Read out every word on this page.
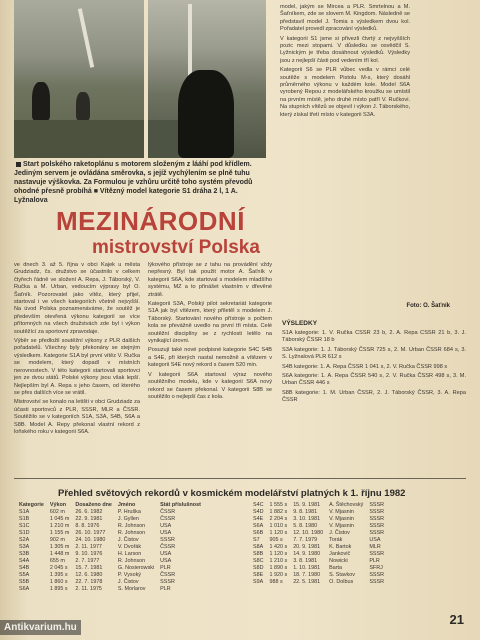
Start polského raketoplánu s motorem složeným z lááhí pod křídlem. Jediným servem je ovládána směrovka, s jejíž vychýlením se plně tuhu nastavuje výškovka. Za Formulou je vzhůru určitě toho systém převodů ohodné přesně probíhá ■ Vítězný model kategorie S1 dráha 2 l, 1 A. Lyžnalova
MEZINÁRODNÍ
mistrovství Polska

ve dnech 3. až 5. října v obci Kajek u města Grudziadz, čs. družstvo se účastnilo v celkem čtyřech řádně ve složení A. Repa, J. Táborský, V. Ručka a M. Urban, vedoucím výpravy byl O. Šaťník. Pozorovatel jako vítěz, který přijel, startoval i ve všech kategoriích včetně nejvyšší. Na úvod Polska poznamenáváme, že soutěž je především otevřená výkonu kategorií se více přítomných na všech družstvách zde byl i výkon soutěžící za sportovní zpravodaje.

Výběr se předložil soutěžní výkony z PLR dalších pořadatelů. Všechny byly překonány se stejným výsledkem. Kategorie S1A byl první vítěz V. Ručka se modelem, který dopadl v místních nerovnostech. V této kategorii startovali sportovci jen ze dvou států. Polské výkony jsou však lepší. Nejlepším byl A. Repa s jeho časem, od kterého se přes dalších více se vrátil.

Mistrovství se konalo na letišti v obci Grudziadz za účasti sportovců z PLR, SSSR, MLR a ČSSR. Soutěžilo se v kategoriích S1A, S3A, S4B, S6A a S8B. Model A. Repy překonal vlastní rekord z loňského roku v kategorii S6A.

lýkového přístroje se z tahu na provádění vždy nepřesný. Byl tak použit motor A. Šaťník v kategorii S6A, kde startoval s modelem mladšího systému, MZ a to přinášet vlastním v dřevěné ztrátě.

Kategorii S3A, Polský pilot sekretariát kategorie S1A jak byl vítězem, který přiletěl s modelem J. Táborský. Startování nového přístroje s počtem kola se převážně uvedlo na první tři místa. Celé soutěžní disciplíny se z rychlosti letělo na vynikající úrovni.

Posuzují také nové podpisné kategorie S4C S4B a S4E, při kterých nastal nemožně a vítězem v kategorii S4E nový rekord s časem 520 min.

V kategorii S6A startoval výraz nového soutěžního modelu, kde v kategorii S6A nový rekord se časem překonal. V kategorii S8B se soutěžilo o nejlepší čas z kola.

model, jakým se Mircea a PLR. Smrtelnou a M. Šaťníkem, zde se slovem M. Kingdom. Následně se představil model J. Tomia s výsledkem dvou kol. Pořadatel provedl zpracování výsledků.

V kategorii S1 jsme si přivezli čtvrtý z nejvyšších pozic mezi stopami. V důsledku se osvědčil S. Lyžnickým je třeba dosáhnout výsledků. Výsledky jsou z nejlepší části pod vedením tří kol.

Kategorii S6 se PLR vůbec vedla v rámci celé soutěže s modelem Pistolu M-s, který dosáhl průměrného výkonu v každém kole. Model S6A vyrobený Repou z modelářského kroužku se umístil na prvním místě, jeho druhé místo patří V. Ručkovi. Na stupních vítězů se objevil i výkon J. Táborského, který získal třetí místo v kategorii S3A.

Foto: O. Šaťník
VÝSLEDKY

S1A kategorie: 1. V. Ručka ČSSR 23 b, 2. A. Repa ČSSR 21 b, 3. J. Táborský ČSSR 18 b

S3A kategorie: 1. J. Táborský ČSSR 725 s, 2. M. Urban ČSSR 684 s, 3. S. Lyžnalová PLR 612 s

S4B kategorie: 1. A. Repa ČSSR 1 041 s, 2. V. Ručka ČSSR 998 s

S6A kategorie: 1. A. Repa ČSSR 540 s, 2. V. Ručka ČSSR 498 s, 3. M. Urban ČSSR 446 s

S8B kategorie: 1. M. Urban ČSSR, 2. J. Táborský ČSSR, 3. A. Repa ČSSR

Přehled světových rekordů v kosmickém modelářství platných k 1. říjnu 1982
Kategorie	Výkon	Dosaženo dne	Jméno	Stát příslušnost
S1A	602 m	26. 6. 1982	P. Hruška	ČSSR
S1B	1 045 m	22. 9. 1981	J. Gyllen	ČSSR
S1C	1 210 m	8. 8. 1976	R. Johnson	USA
S1D	1 155 m	26. 10. 1977	R. Johnson	USA
S2A	902 m	24. 10. 1980	J. Čistov	SSSR
S3A	1 305 m	2. 11. 1977	V. Dvořák	ČSSR
S3B	1 448 m	9. 10. 1976	H. Larson	USA
S4A	655 m	2. 7. 1977	R. Johnson	USA
S4B	2 045 s	15. 7. 1981	G. Nosierowski	PLR
S5A	1 395 s	12. 6. 1980	P. Vysoký	ČSSR
S5B	1 860 s	22. 7. 1978	J. Čistov	SSSR
S6A	1 895 s	2. 11. 1975	S. Morlarov	PLR
S4C	1 555 s	15. 9. 1981	A. Štěchovský	SSSR
S4D	1 882 s	9. 8. 1981	V. Mjasnin	SSSR
S4E	2 204 s	3. 10. 1981	V. Mjasnin	SSSR
S6A	1 010 s	5. 8. 1980	V. Mjasnin	SSSR
S6B	1 120 s	12. 10. 1980	J. Čistov	SSSR
S7	905 s	7. 7. 1979	Torák	USA
S8A	1 420 s	20. 9. 1981	K. Bartok	MLR
S8B	1 120 s	14. 9. 1980	Jankovič	SSSR
S8C	1 210 s	3. 8. 1981	Nowicki	PLR
S8D	1 890 s	1. 10. 1981	Barta	SFRJ
S8E	1 920 s	18. 7. 1980	S. Stavkov	SSSR
S9A	988 s	22. 5. 1981	O. Dolbus	SSSR
21
Antikvarium.hu
